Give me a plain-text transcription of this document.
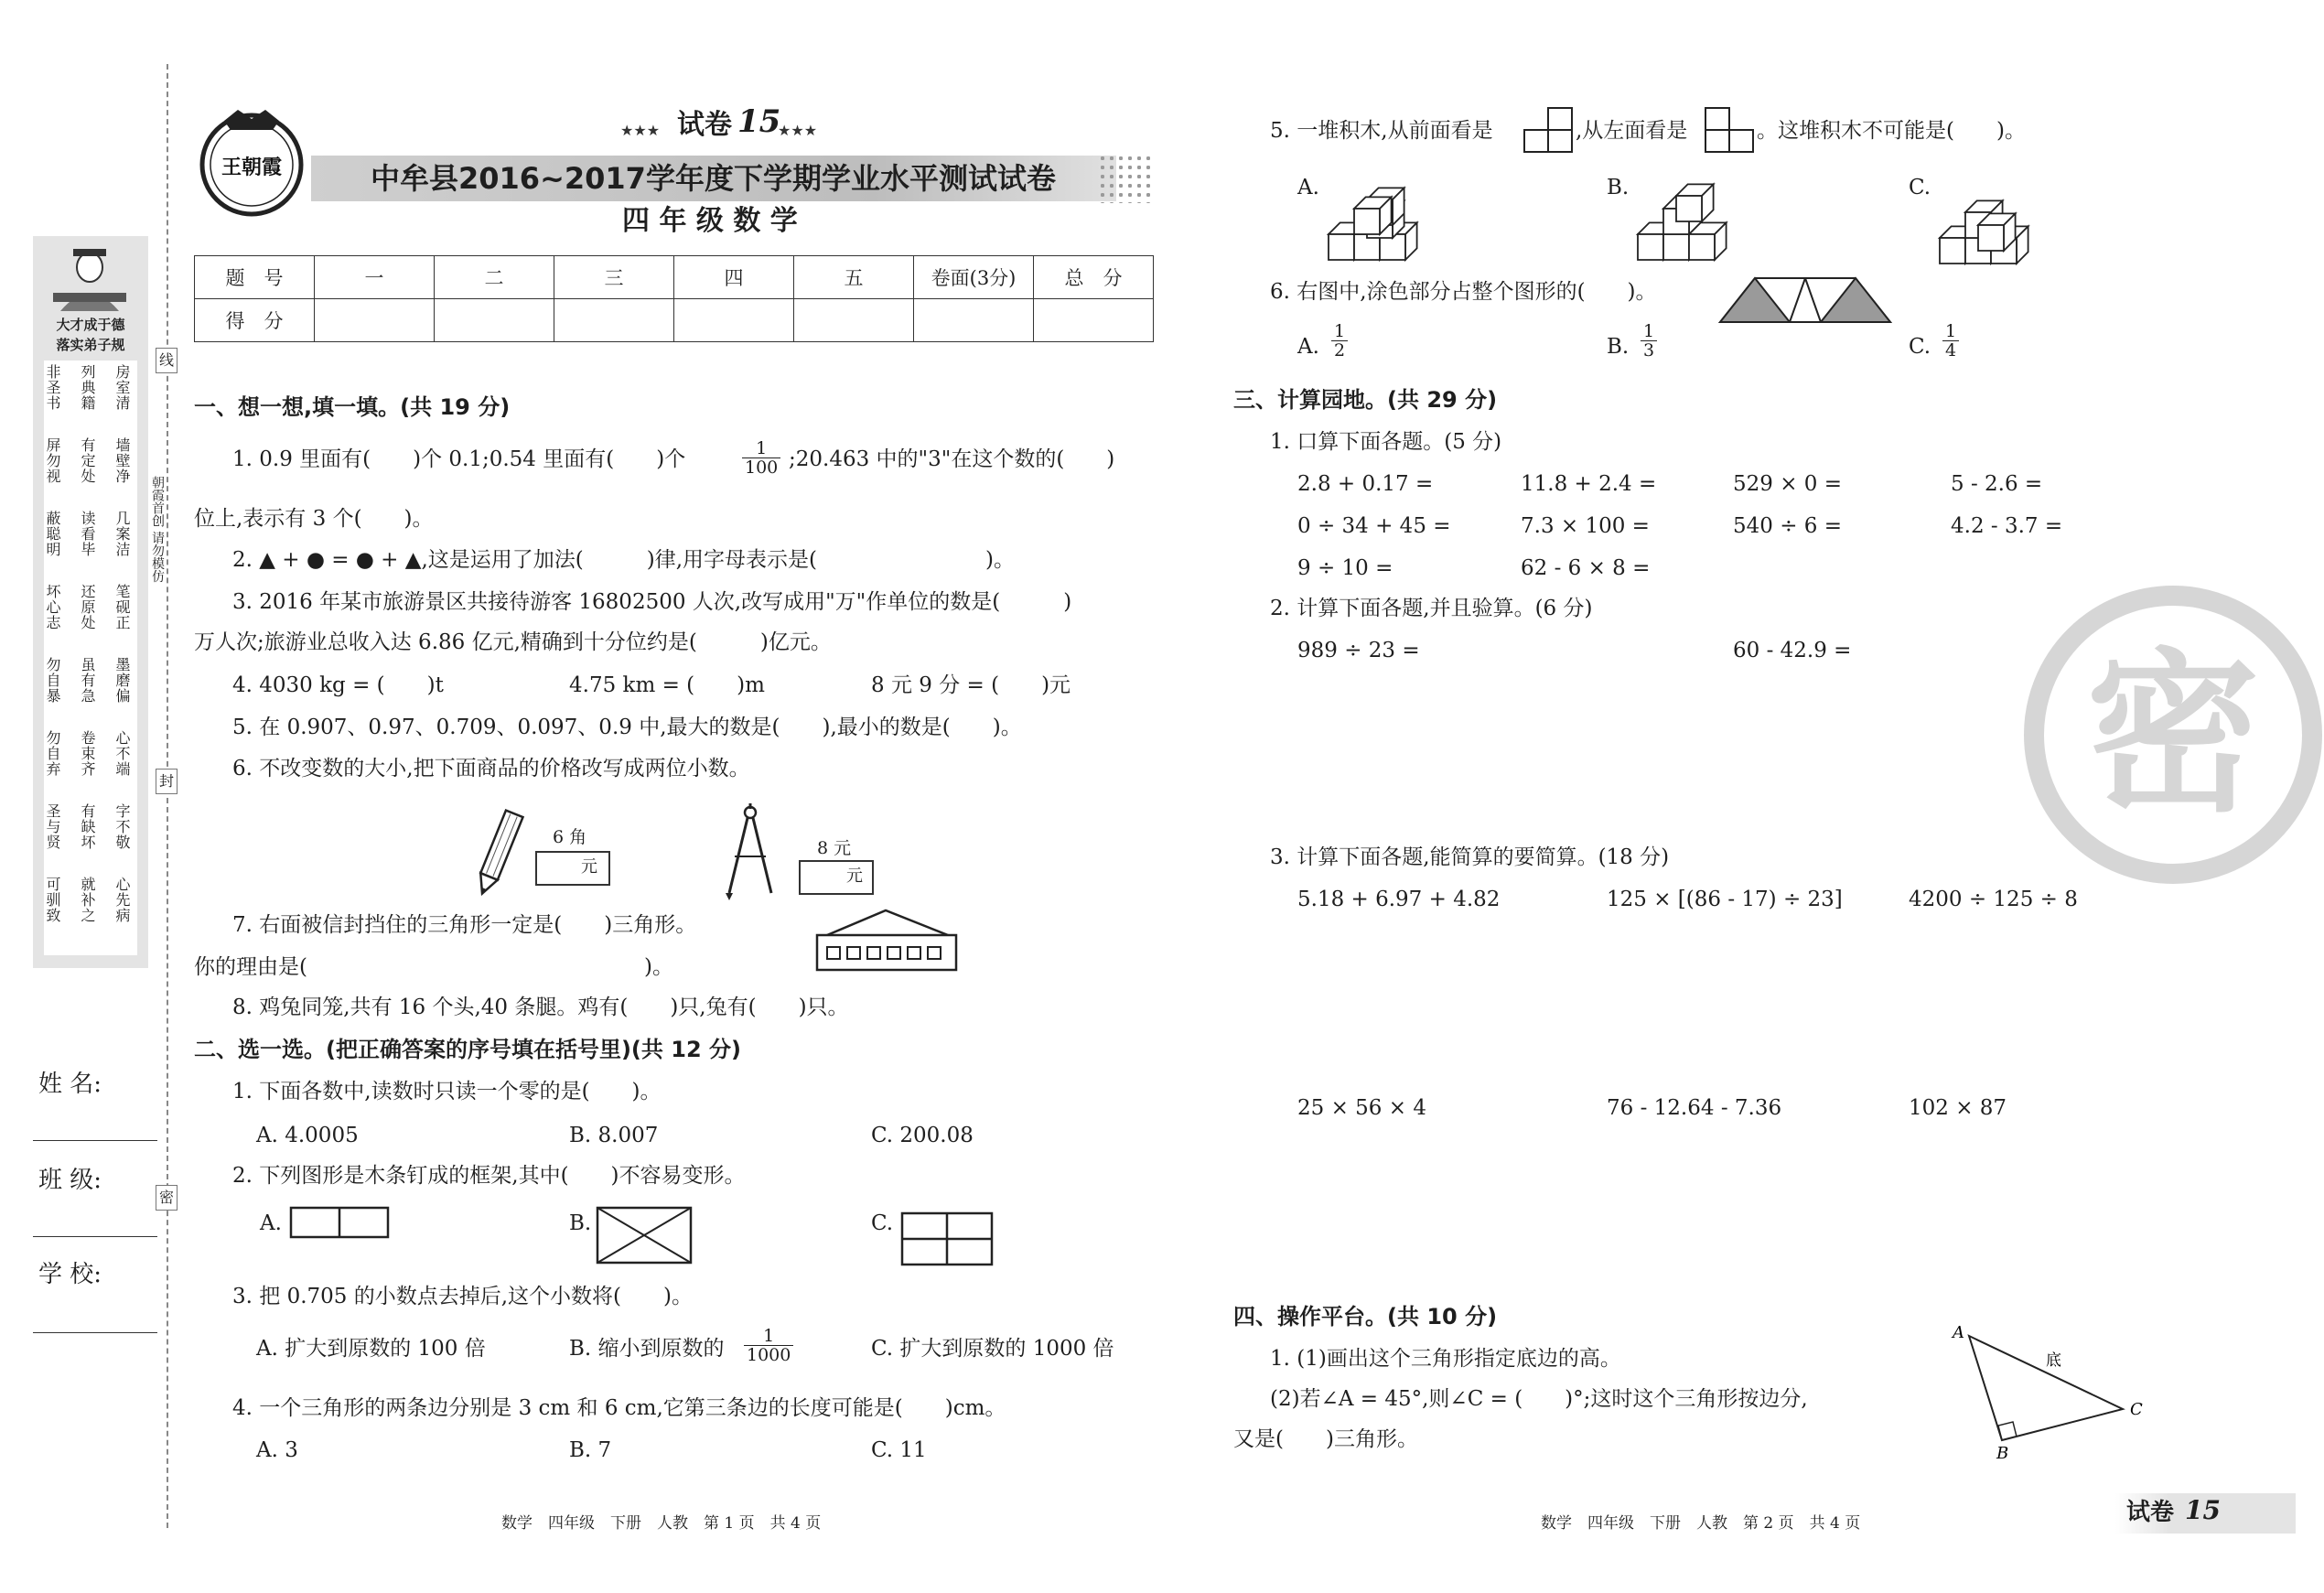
线
封
密
朝霞首创 请勿模仿
大才成于德
落实弟子规
非圣书 列典籍 房室清
屏勿视 有定处 墙壁净
蔽聪明 读看毕 几案洁
坏心志 还原处 笔砚正
勿自暴 虽有急 墨磨偏
勿自弃 卷束齐 心不端
圣与贤 有缺坏 字不敬
可驯致 就补之 心先病
姓 名:
班 级:
学 校:
王朝霞
★★★ 试卷 15
★★★
中牟县2016~2017学年度下学期学业水平测试试卷
四 年 级 数 学
题　号	一	二	三	四	五	卷面(3分)	总　分
得　分							
一、想一想,填一填。(共 19 分)
1. 0.9 里面有(　　)个 0.1;0.54 里面有(　　)个	$\frac{1}{100}$ ;20.463 中的"3"在这个数的(　　)
位上,表示有 3 个(　　)。
2. ▲ + ● = ● + ▲,这是运用了加法(　　　)律,用字母表示是(　　　　　　　　)。
3. 2016 年某市旅游景区共接待游客 16802500 人次,改写成用"万"作单位的数是(　　　)
万人次;旅游业总收入达 6.86 亿元,精确到十分位约是(　　　)亿元。
4. 4030 kg = (　　)t	4.75 km = (　　)m	8 元 9 分 = (　　)元
5. 在 0.907、0.97、0.709、0.097、0.9 中,最大的数是(　　),最小的数是(　　)。
6. 不改变数的大小,把下面商品的价格改写成两位小数。
6 角
元
8 元
元
7. 右面被信封挡住的三角形一定是(　　)三角形。
你的理由是(　　　　　　　　　　　　　　　　)。
8. 鸡兔同笼,共有 16 个头,40 条腿。鸡有(　　)只,兔有(　　)只。
二、选一选。(把正确答案的序号填在括号里)(共 12 分)
1. 下面各数中,读数时只读一个零的是(　　)。
A. 4.0005	B. 8.007	C. 200.08
2. 下列图形是木条钉成的框架,其中(　　)不容易变形。
A.	B.	C.
3. 把 0.705 的小数点去掉后,这个小数将(　　)。
A. 扩大到原数的 100 倍	B. 缩小到原数的 $\frac{1}{1000}$	C. 扩大到原数的 1000 倍
4. 一个三角形的两条边分别是 3 cm 和 6 cm,它第三条边的长度可能是(　　)cm。
A. 3	B. 7	C. 11
数学　四年级　下册　人教　第 1 页　共 4 页
密
5. 一堆积木,从前面看是	,从左面看是	。这堆积木不可能是(　　)。
A.	B.	C.
6. 右图中,涂色部分占整个图形的(　　)。
A. $\frac{1}{2}$	B. $\frac{1}{3}$	C. $\frac{1}{4}$
三、计算园地。(共 29 分)
1. 口算下面各题。(5 分)
2.8 + 0.17 =	11.8 + 2.4 =	529 × 0 =	5 - 2.6 =
0 ÷ 34 + 45 =	7.3 × 100 =	540 ÷ 6 =	4.2 - 3.7 =
9 ÷ 10 =	62 - 6 × 8 =
2. 计算下面各题,并且验算。(6 分)
989 ÷ 23 =	60 - 42.9 =
3. 计算下面各题,能简算的要简算。(18 分)
5.18 + 6.97 + 4.82	125 × [(86 - 17) ÷ 23]	4200 ÷ 125 ÷ 8
25 × 56 × 4	76 - 12.64 - 7.36	102 × 87
四、操作平台。(共 10 分)
1. (1)画出这个三角形指定底边的高。
(2)若∠A = 45°,则∠C = (　　)°;这时这个三角形按边分,
又是(　　)三角形。
A
C
B
底
数学　四年级　下册　人教　第 2 页　共 4 页	试卷 15
